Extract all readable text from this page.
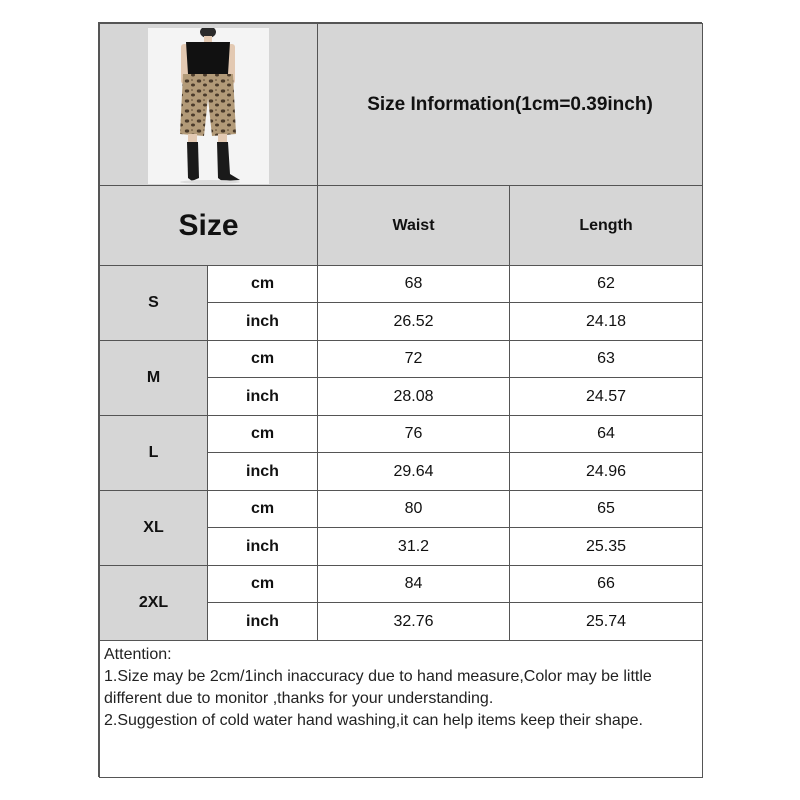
Size Information(1cm=0.39inch)
Size	Waist	Length
S
cm	68	62
inch	26.52	24.18
M
cm	72	63
inch	28.08	24.57
L
cm	76	64
inch	29.64	24.96
XL
cm	80	65
inch	31.2	25.35
2XL
cm	84	66
inch	32.76	25.74
Attention:
1.Size may be 2cm/1inch inaccuracy due to hand measure,Color may be little different due to monitor ,thanks for your understanding.
2.Suggestion of cold water hand washing,it can help items keep their shape.
